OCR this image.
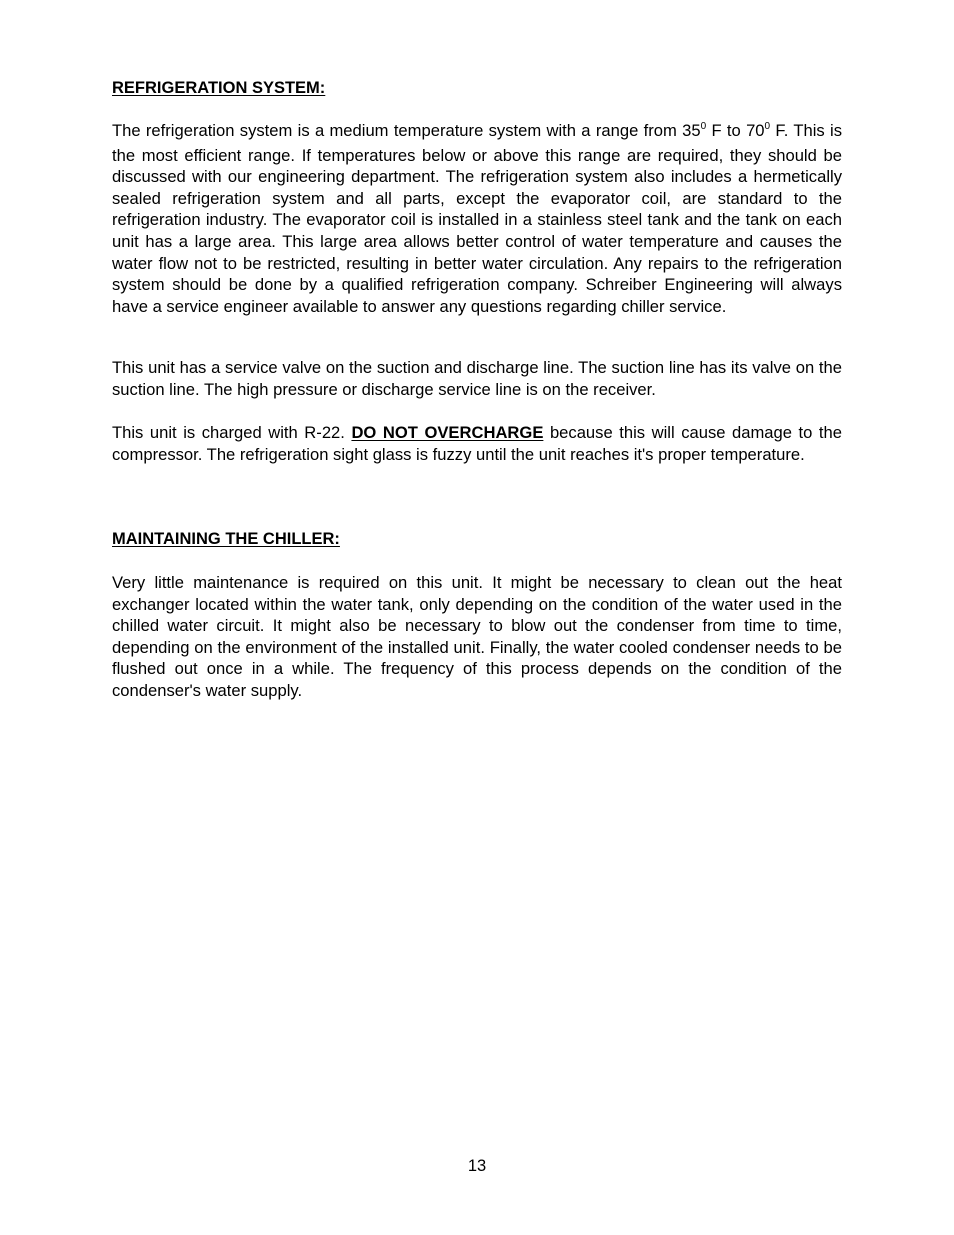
REFRIGERATION SYSTEM:

The refrigeration system is a medium temperature system with a range from $35^0$ F to $70^0$ F. This is the most efficient range. If temperatures below or above this range are required, they should be discussed with our engineering department. The refrigeration system also includes a hermetically sealed refrigeration system and all parts, except the evaporator coil, are standard to the refrigeration industry. The evaporator coil is installed in a stainless steel tank and the tank on each unit has a large area. This large area allows better control of water temperature and causes the water flow not to be restricted, resulting in better water circulation. Any repairs to the refrigeration system should be done by a qualified refrigeration company. Schreiber Engineering will always have a service engineer available to answer any questions regarding chiller service.

This unit has a service valve on the suction and discharge line. The suction line has its valve on the suction line. The high pressure or discharge service line is on the receiver.

This unit is charged with R-22. DO NOT OVERCHARGE because this will cause damage to the compressor. The refrigeration sight glass is fuzzy until the unit reaches it's proper temperature.

MAINTAINING THE CHILLER:

Very little maintenance is required on this unit. It might be necessary to clean out the heat exchanger located within the water tank, only depending on the condition of the water used in the chilled water circuit. It might also be necessary to blow out the condenser from time to time, depending on the environment of the installed unit. Finally, the water cooled condenser needs to be flushed out once in a while. The frequency of this process depends on the condition of the condenser's water supply.

13
